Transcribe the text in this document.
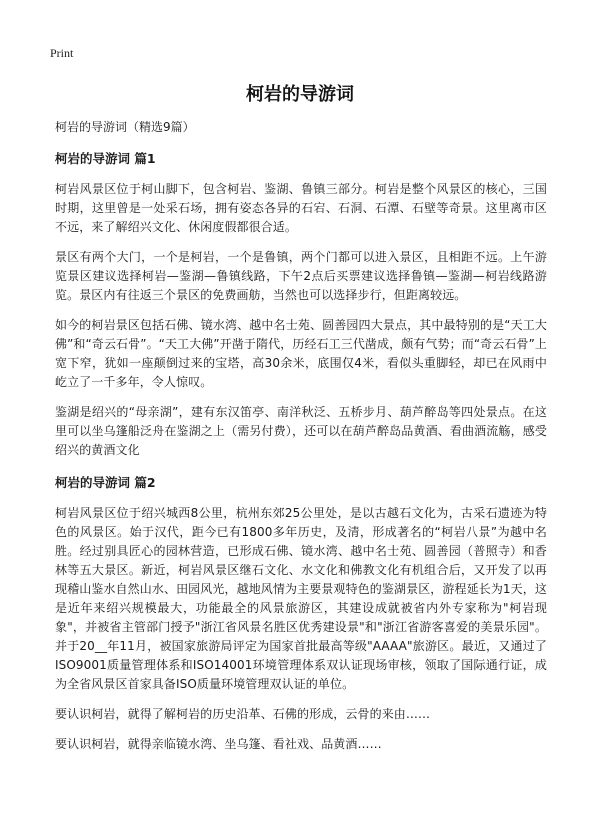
Print
柯岩的导游词

柯岩的导游词（精选9篇）

柯岩的导游词 篇1

柯岩风景区位于柯山脚下，包含柯岩、鉴湖、鲁镇三部分。柯岩是整个风景区的核心，三国时期，这里曾是一处采石场，拥有姿态各异的石宕、石洞、石潭、石壁等奇景。这里离市区不远，来了解绍兴文化、休闲度假都很合适。

景区有两个大门，一个是柯岩，一个是鲁镇，两个门都可以进入景区，且相距不远。上午游览景区建议选择柯岩—鉴湖—鲁镇线路，下午2点后买票建议选择鲁镇—鉴湖—柯岩线路游览。景区内有往返三个景区的免费画舫，当然也可以选择步行，但距离较远。

如今的柯岩景区包括石佛、镜水湾、越中名士苑、圆善园四大景点，其中最特别的是“天工大佛”和“奇云石骨”。“天工大佛”开凿于隋代，历经石工三代凿成，颇有气势；而“奇云石骨”上宽下窄，犹如一座颠倒过来的宝塔，高30余米，底围仅4米，看似头重脚轻，却已在风雨中屹立了一千多年，令人惊叹。

鉴湖是绍兴的“母亲湖”，建有东汉笛亭、南洋秋泛、五桥步月、葫芦醉岛等四处景点。在这里可以坐乌篷船泛舟在鉴湖之上（需另付费），还可以在葫芦醉岛品黄酒、看曲酒流觞，感受绍兴的黄酒文化

柯岩的导游词 篇2

柯岩风景区位于绍兴城西8公里，杭州东郊25公里处，是以古越石文化为，古采石遗迹为特色的风景区。始于汉代，距今已有1800多年历史，及清，形成著名的“柯岩八景”为越中名胜。经过别具匠心的园林营造，已形成石佛、镜水湾、越中名士苑、圆善园（普照寺）和香林等五大景区。新近，柯岩风景区继石文化、水文化和佛教文化有机组合后，又开发了以再现稽山鉴水自然山水、田园风光，越地风情为主要景观特色的鉴湖景区，游程延长为1天，这是近年来绍兴规模最大，功能最全的风景旅游区，其建设成就被省内外专家称为"柯岩现象"，并被省主管部门授予"浙江省风景名胜区优秀建设景"和"浙江省游客喜爱的美景乐园"。并于20__年11月，被国家旅游局评定为国家首批最高等级"AAAA"旅游区。最近，又通过了ISO9001质量管理体系和ISO14001环境管理体系双认证现场审核，领取了国际通行证，成为全省风景区首家具备ISO质量环境管理双认证的单位。

要认识柯岩，就得了解柯岩的历史沿革、石佛的形成，云骨的来由……

要认识柯岩，就得亲临镜水湾、坐乌篷、看社戏、品黄酒……
